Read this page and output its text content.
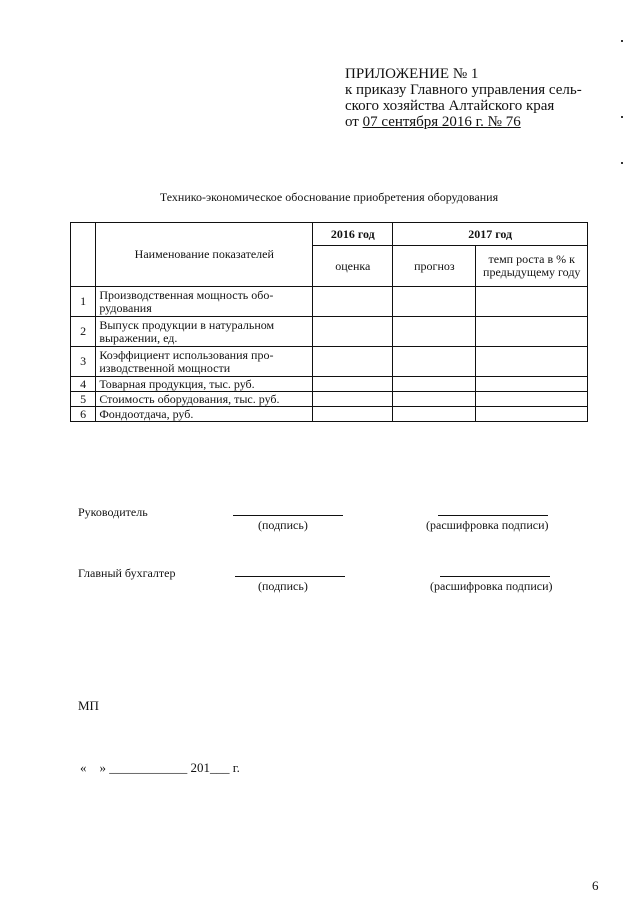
ПРИЛОЖЕНИЕ № 1
к приказу Главного управления сель-
ского хозяйства Алтайского края
от 07 сентября 2016 г. № 76
Технико-экономическое обоснование приобретения оборудования
	Наименование показателей	2016 год	2017 год	
		оценка	прогноз	темп роста в % к предыдущему году
1	Производственная мощность обо-рудования			
2	Выпуск продукции в натуральном выражении, ед.			
3	Коэффициент использования про-изводственной мощности			
4	Товарная продукция, тыс. руб.			
5	Стоимость оборудования, тыс. руб.			
6	Фондоотдача, руб.			
Руководитель
(подпись)	(расшифровка подписи)
Главный бухгалтер
(подпись)	(расшифровка подписи)
МП
«    » ____________ 201___ г.
6
